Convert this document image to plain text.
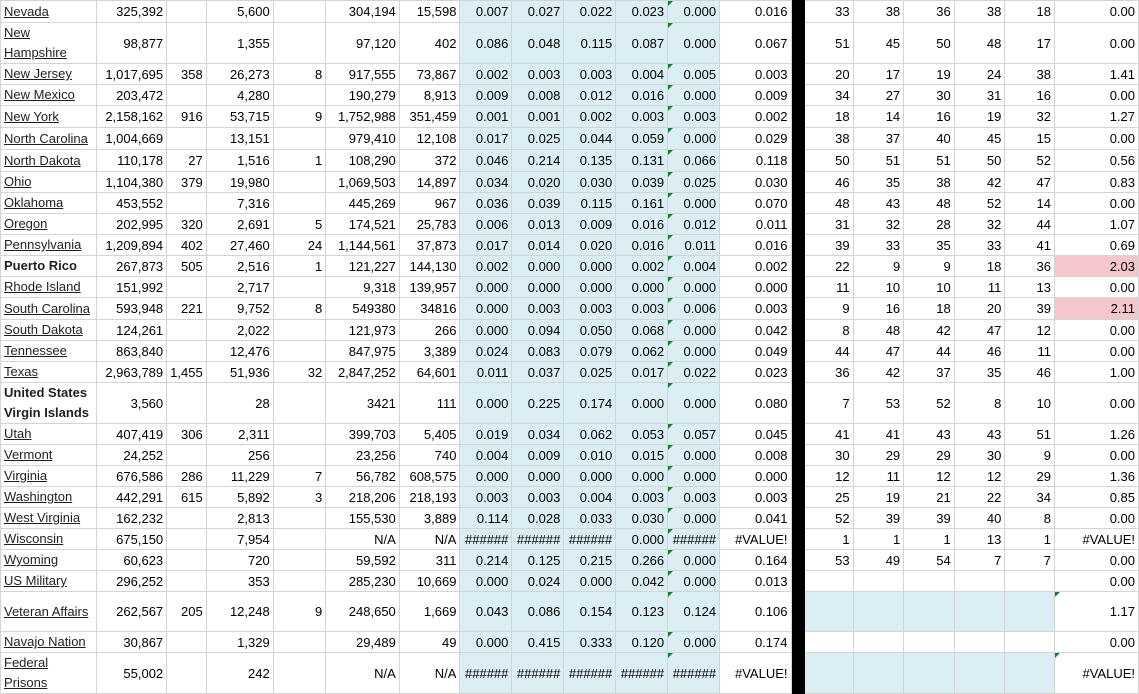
Nevada	325,392		5,600		304,194	15,598	0.007	0.027	0.022	0.023	0.000	0.016		33	38	36	38	18	0.00
New Hampshire	98,877		1,355		97,120	402	0.086	0.048	0.115	0.087	0.000	0.067		51	45	50	48	17	0.00
New Jersey	1,017,695	358	26,273	8	917,555	73,867	0.002	0.003	0.003	0.004	0.005	0.003		20	17	19	24	38	1.41
New Mexico	203,472		4,280		190,279	8,913	0.009	0.008	0.012	0.016	0.000	0.009		34	27	30	31	16	0.00
New York	2,158,162	916	53,715	9	1,752,988	351,459	0.001	0.001	0.002	0.003	0.003	0.002		18	14	16	19	32	1.27
North Carolina	1,004,669		13,151		979,410	12,108	0.017	0.025	0.044	0.059	0.000	0.029		38	37	40	45	15	0.00
North Dakota	110,178	27	1,516	1	108,290	372	0.046	0.214	0.135	0.131	0.066	0.118		50	51	51	50	52	0.56
Ohio	1,104,380	379	19,980		1,069,503	14,897	0.034	0.020	0.030	0.039	0.025	0.030		46	35	38	42	47	0.83
Oklahoma	453,552		7,316		445,269	967	0.036	0.039	0.115	0.161	0.000	0.070		48	43	48	52	14	0.00
Oregon	202,995	320	2,691	5	174,521	25,783	0.006	0.013	0.009	0.016	0.012	0.011		31	32	28	32	44	1.07
Pennsylvania	1,209,894	402	27,460	24	1,144,561	37,873	0.017	0.014	0.020	0.016	0.011	0.016		39	33	35	33	41	0.69
Puerto Rico	267,873	505	2,516	1	121,227	144,130	0.002	0.000	0.000	0.002	0.004	0.002		22	9	9	18	36	2.03
Rhode Island	151,992		2,717		9,318	139,957	0.000	0.000	0.000	0.000	0.000	0.000		11	10	10	11	13	0.00
South Carolina	593,948	221	9,752	8	549380	34816	0.000	0.003	0.003	0.003	0.006	0.003		9	16	18	20	39	2.11
South Dakota	124,261		2,022		121,973	266	0.000	0.094	0.050	0.068	0.000	0.042		8	48	42	47	12	0.00
Tennessee	863,840		12,476		847,975	3,389	0.024	0.083	0.079	0.062	0.000	0.049		44	47	44	46	11	0.00
Texas	2,963,789	1,455	51,936	32	2,847,252	64,601	0.011	0.037	0.025	0.017	0.022	0.023		36	42	37	35	46	1.00
United States Virgin Islands	3,560		28		3421	111	0.000	0.225	0.174	0.000	0.000	0.080		7	53	52	8	10	0.00
Utah	407,419	306	2,311		399,703	5,405	0.019	0.034	0.062	0.053	0.057	0.045		41	41	43	43	51	1.26
Vermont	24,252		256		23,256	740	0.004	0.009	0.010	0.015	0.000	0.008		30	29	29	30	9	0.00
Virginia	676,586	286	11,229	7	56,782	608,575	0.000	0.000	0.000	0.000	0.000	0.000		12	11	12	12	29	1.36
Washington	442,291	615	5,892	3	218,206	218,193	0.003	0.003	0.004	0.003	0.003	0.003		25	19	21	22	34	0.85
West Virginia	162,232		2,813		155,530	3,889	0.114	0.028	0.033	0.030	0.000	0.041		52	39	39	40	8	0.00
Wisconsin	675,150		7,954		N/A	N/A	######	######	######	0.000	######	#VALUE!		1	1	1	13	1	#VALUE!
Wyoming	60,623		720		59,592	311	0.214	0.125	0.215	0.266	0.000	0.164		53	49	54	7	7	0.00
US Military	296,252		353		285,230	10,669	0.000	0.024	0.000	0.042	0.000	0.013							0.00
Veteran Affairs	262,567	205	12,248	9	248,650	1,669	0.043	0.086	0.154	0.123	0.124	0.106							1.17
Navajo Nation	30,867		1,329		29,489	49	0.000	0.415	0.333	0.120	0.000	0.174							0.00
Federal Prisons	55,002		242		N/A	N/A	######	######	######	######	######	#VALUE!							#VALUE!
